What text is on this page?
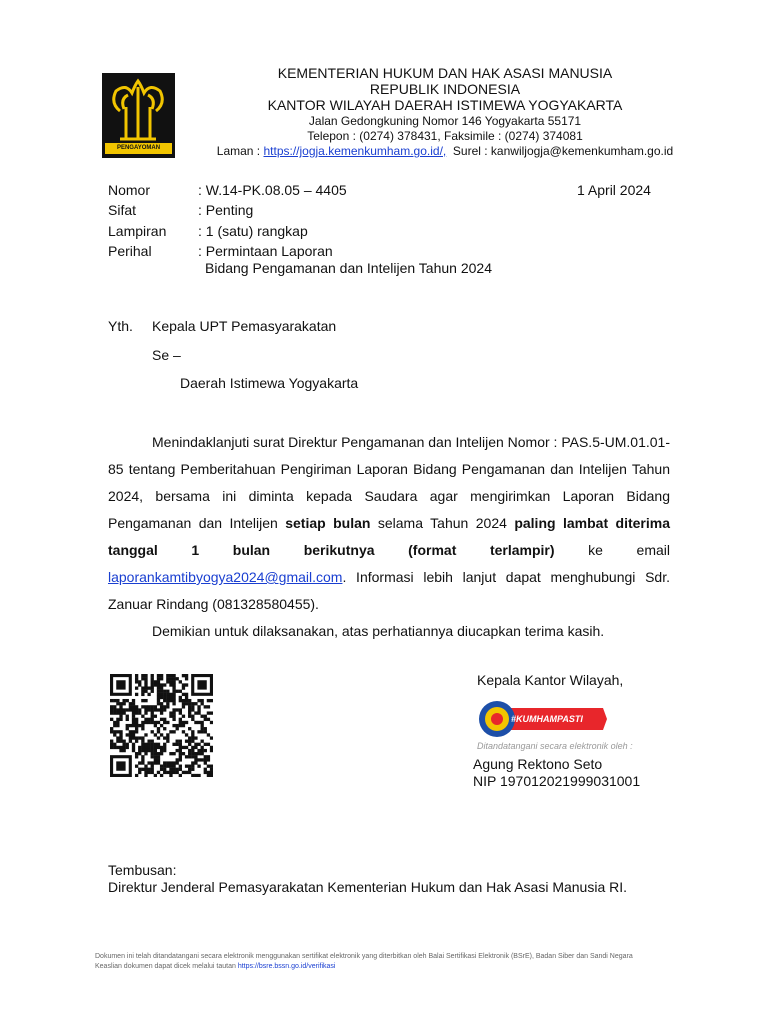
PENGAYOMAN
KEMENTERIAN HUKUM DAN HAK ASASI MANUSIA
REPUBLIK INDONESIA
KANTOR WILAYAH DAERAH ISTIMEWA YOGYAKARTA
Jalan Gedongkuning Nomor 146 Yogyakarta 55171
Telepon : (0274) 378431, Faksimile : (0274) 374081
Laman : https://jogja.kemenkumham.go.id/,  Surel : kanwiljogja@kemenkumham.go.id
Nomor	: W.14-PK.08.05 – 4405	1 April 2024
Sifat	: Penting
Lampiran : 1 (satu) rangkap
Perihal	: Permintaan Laporan
Bidang Pengamanan dan Intelijen Tahun 2024
Yth. Kepala UPT Pemasyarakatan
Se –
Daerah Istimewa Yogyakarta
Menindaklanjuti surat Direktur Pengamanan dan Intelijen Nomor : PAS.5-UM.01.01-85 tentang Pemberitahuan Pengiriman Laporan Bidang Pengamanan dan Intelijen Tahun 2024, bersama ini diminta kepada Saudara agar mengirimkan Laporan Bidang Pengamanan dan Intelijen setiap bulan selama Tahun 2024 paling lambat diterima tanggal 1 bulan berikutnya (format terlampir) ke email laporankamtibyogya2024@gmail.com. Informasi lebih lanjut dapat menghubungi Sdr. Zanuar Rindang (081328580455).
Demikian untuk dilaksanakan, atas perhatiannya diucapkan terima kasih.
Kepala Kantor Wilayah,
#KUMHAMPASTI
Ditandatangani secara elektronik oleh :
Agung Rektono Seto
NIP 197012021999031001
Tembusan:
Direktur Jenderal Pemasyarakatan Kementerian Hukum dan Hak Asasi Manusia RI.
Dokumen ini telah ditandatangani secara elektronik menggunakan sertifikat elektronik yang diterbitkan oleh Balai Sertifikasi Elektronik (BSrE), Badan Siber dan Sandi Negara
Keaslian dokumen dapat dicek melalui tautan https://bsre.bssn.go.id/verifikasi
